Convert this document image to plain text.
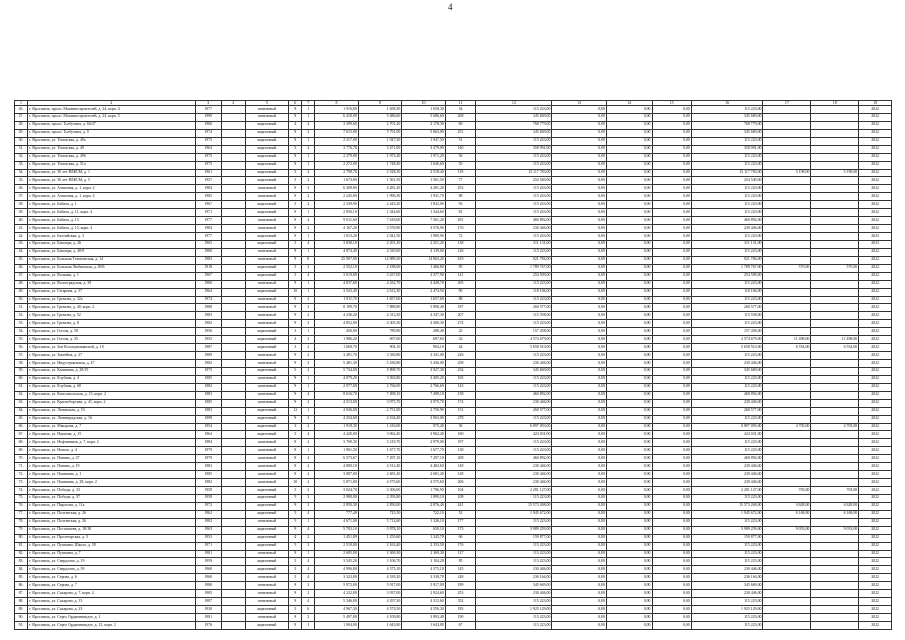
4
1	2	3	4	5	6	7	8	9	10	11	12	13	14	15	16	17	18	19
26.	г. Ярославль, просп. Машиностроителей, д. 24, корп. 4	1977		панельный	9	1	1 916,00	1 658,30	1 658,30	34	115 223,00	0,00	0,00	0,00	115 223,00			2022
27.	г. Ярославль, просп. Машиностроителей, д. 24, корп. 5	1990		панельный	9	1	6 418,00	5 686,60	5 686,60	208	345 669,00	0,00	0,00	0,00	345 669,00			2022
28.	г. Ярославль, просп. Толбухина, д. 66/47	1960		кирпичный	4	4	3 399,60	2 701,20	2 178,30	69	768 779,00	0,00	0,00	0,00	768 779,00			2022
29.	г. Ярославль, просп. Толбухина, д. 9	1974		кирпичный	9	3	7 015,80	5 791,00	5 663,00	251	345 669,00	0,00	0,00	0,00	345 669,00			2022
30.	г. Ярославль, ул. Титовская, д. 49а	1975		кирпичный	9	1	2 317,00	1 947,50	1 947,50	51	115 223,00	0,00	0,00	0,00	115 223,00			2022
31.	г. Ярославль, ул. Титовская, д. 49	1964		кирпичный	5	4	3 776,70	3 471,00	3 479,00	140	358 991,00	0,00	0,00	0,00	358 991,00			2022
32.	г. Ярославль, ул. Титовская, д. 49б	1975		кирпичный	9	1	2 279,80	1 973,20	1 971,20	56	115 223,00	0,00	0,00	0,00	115 223,00			2022
33.	г. Ярославль, ул. Титовская, д. 51а	1975		кирпичный	9	1	2 272,00	1 748,40	1 646,60	55	115 223,00	0,00	0,00	0,00	115 223,00			2022
34.	г. Ярославль, ул. 50 лет ВЛКСМ, д. 1	1961		кирпичный	5	4	2 798,70	2 528,30	2 518,40	119	13 117 783,00	0,00	0,00	0,00	13 117 783,00	5 198,00	5 198,00	2022
35.	г. Ярославль, ул. 50 лет ВЛКСМ, д. 5	1957		кирпичный	5	2	1 673,00	1 561,50	1 561,50	77	254 540,00	0,00	0,00	0,00	254 540,00			2022
36.	г. Ярославль, ул. Алмазная, д. 1, корп. 2	1984		панельный	9	3	6 308,80	4 281,20	4 281,20	253	115 223,00	0,00	0,00	0,00	115 223,00			2022
37.	г. Ярославль, ул. Алмазная, д. 1, корп. 4	1985		панельный	9	2	2 245,00	1 996,30	1 931,70	88	115 223,00	0,00	0,00	0,00	115 223,00			2022
38.	г. Ярославль, ул. Бабича, д. 1	1967		кирпичный	5	2	2 339,90	2 443,20	1 832,00	93	115 223,00	0,00	0,00	0,00	115 223,00			2022
39.	г. Ярославль, ул. Бабича, д. 11, корп. 4	1971		кирпичный	9	1	2 056,10	1 344,60	1 344,60	81	115 223,00	0,00	0,00	0,00	115 223,00			2022
40.	г. Ярославль, ул. Бабича, д. 13	1977		панельный	9	4	9 011,60	7 618,60	7 561,20	291	460 892,00	0,00	0,00	0,00	460 892,00			2022
41.	г. Ярославль, ул. Бабича, д. 15, корп. 4	1984		панельный	9	2	4 167,20	3 576,90	3 576,90	176	230 446,00	0,00	0,00	0,00	230 446,00			2022
42.	г. Ярославль, ул. Балтийская, д. 3	1977		кирпичный	9	1	1 813,20	2 041,50	1 989,90	72	115 223,00	0,00	0,00	0,00	115 223,00			2023
43.	г. Ярославль, ул. Блюхера, д. 26	1965		кирпичный	5	4	3 838,10	2 291,20	2 251,20	138	311 131,00	0,00	0,00	0,00	311 131,00			2023
44.	г. Ярославль, ул. Блюхера, д. 40/9	1980		панельный	9	1	4 874,40	4 329,00	4 139,00	126	115 223,00	0,00	0,00	0,00	115 223,00			2022
45.	г. Ярославль, ул. Большая Техническая, д. 14	1983		панельный	9	8	25 907,90	14 989,20	14 963,20	619	921 784,00	0,00	0,00	0,00	921 784,00			2022
46.	г. Ярославль, ул. Большая Любимская, д. 49/6	1918		кирпичный	5	3	2 552,10	2 188,60	1 466,80	85	1 789 767,00	0,00	0,00	0,00	1 789 767,00	570,00	570,00	2022
47.	г. Ярославль, ул. Вольная, д. 1	1967		кирпичный	5	4	3 619,00	3 437,00	3 377,90	141	254 509,00	0,00	0,00	0,00	254 509,00			2022
48.	г. Ярославль, ул. Волгоградская, д. 39	1980		панельный	9	1	4 837,60	4 432,70	4 428,70	205	115 223,00	0,00	0,00	0,00	115 223,00			2022
49.	г. Ярославль, ул. Гагарина, д. 57	1964		кирпичный	10	1	3 543,40	2 612,30	2 474,50	90	118 166,00	0,00	0,00	0,00	118 166,00			2022
50.	г. Ярославль, ул. Громова, д. 32а	1974		панельный	9	2	1 911,70	1 657,60	1 657,60	88	115 223,00	0,00	0,00	0,00	115 223,00			2022
51.	г. Ярославль, ул. Громова, д. 40, корп. 2	1988		панельный	9	3	8 199,70	7 888,80	5 898,40	187	260 577,00	0,00	0,00	0,00	260 577,00			2022
52.	г. Ярославль, ул. Громова, д. 52	1983		панельный	9	2	4 236,20	4 312,50	4 347,30	207	115 558,00	0,00	0,00	0,00	115 558,00			2022
53.	г. Ярославль, ул. Громова, д. 8	1982		панельный	9	3	4 852,00	4 305,30	4 300,30	274	115 223,00	0,00	0,00	0,00	115 223,00			2022
54.	г. Ярославль, ул. Гоголя, д. 58	1956		кирпичный	3	1	456,00	789,80	288,40	25	157 458,00	0,00	0,00	0,00	157 458,00			2022
55.	г. Ярославль, ул. Гоголя, д. 35	1955		кирпичный	4	3	1 986,20	697,60	697,60	32	4 574 679,00	0,00	0,00	0,00	4 574 679,00	11 498,00	11 498,00	2022
56.	г. Ярославль, ул. Зои Космодемьянской, д. 10	1987		кирпичный	3	2	1 668,70	904,10	904,10	44	5 658 510,00	0,00	0,00	0,00	5 658 510,00	6 554,00	6 554,00	2022
57.	г. Ярославль, ул. Закгейма, д. 27	1989		панельный	9	2	3 491,70	3 350,80	3 341,00	226	115 223,00	0,00	0,00	0,00	115 223,00			2022
58.	г. Ярославль, ул. Индустриальная, д. 47	1982		панельный	9	3	5 481,30	5 436,80	5 436,00	258	230 446,00	0,00	0,00	0,00	230 446,00			2022
59.	г. Ярославль, ул. Калинина, д. 28/19	1975		кирпичный	5	2	5 734,00	5 898,70	3 927,30	234	345 669,00	0,00	0,00	0,00	345 669,00			2022
60.	г. Ярославль, ул. Клубная, д. 4	1985		панельный	9	1	4 079,20	3 563,80	3 405,20	165	115 223,00	0,00	0,00	0,00	115 223,00			2022
61.	г. Ярославль, ул. Клубная, д. 68	1982		панельный	9	1	2 977,00	2 766,00	2 766,60	143	115 223,00	0,00	0,00	0,00	115 223,00			2022
62.	г. Ярославль, ул. Комсомольская, д. 15, корп. 2	1983		панельный	9	4	8 616,70	7 498,10	7 498,10	158	460 892,00	0,00	0,00	0,00	460 892,00			2022
63.	г. Ярославль, ул. Красноборская, д. 41, корп. 2	1985		панельный	9	2	4 513,00	3 975,70	3 975,70	174	230 446,00	0,00	0,00	0,00	230 446,00			2022
64.	г. Ярославль, ул. Ленинская, д. 53	1983		кирпичный	12	1	4 926,00	2 751,00	2 750,90	151	260 577,00	0,00	0,00	0,00	260 577,00			2022
65.	г. Ярославль, ул. Ленинградская, д. 16	1998		кирпичный	9	3	4 254,60	4 164,40	3 963,00	278	115 223,00	0,00	0,00	0,00	115 223,00			2022
66.	г. Ярославль, ул. Макарова, д. 7	1954		кирпичный	3	2	1 918,30	1 416,00	975,40	36	6 897 093,00	0,00	0,00	0,00	6 897 093,00	4 705,00	4 705,00	2022
67.	г. Ярославль, ул. Наумова, д. 15	1964		кирпичный	5	4	4 420,00	3 962,40	3 962,40	160	424 031,00	0,00	0,00	0,00	424 031,00			2022
68.	г. Ярославль, ул. Нефтяников, д. 7, корп. 2	1984		панельный	9	2	3 769,30	3 219,70	2 979,00	197	115 223,00	0,00	0,00	0,00	115 223,00			2022
69.	г. Ярославль, ул. Нового, д. 4	1979		панельный	9	1	1 961,50	1 677,70	1 677,70	138	115 223,00	0,00	0,00	0,00	115 223,00			2022
70.	г. Ярославль, ул. Панина, д. 27	1979		панельный	9	4	6 573,67	7 297,10	7 297,10	208	460 892,00	0,00	0,00	0,00	460 892,00			2022
71.	г. Ярославль, ул. Панина, д. 19	1983		панельный	9	2	4 880,10	4 512,40	4 482,60	149	230 446,00	0,00	0,00	0,00	230 446,00			2022
72.	г. Ярославль, ул. Папанина, д. 1	1985		панельный	9	2	3 087,00	2 681,40	2 681,40	128	230 446,00	0,00	0,00	0,00	230 446,00			2022
73.	г. Ярославль, ул. Папанина, д. 28, корп. 2	1982		панельный	10	2	5 871,00	4 575,60	4 575,60	206	230 446,00	0,00	0,00	0,00	230 446,00			2022
74.	г. Ярославль, ул. Победы, д. 33	1959		кирпичный	5	3	3 024,70	3 306,00	1 796,90	104	2 281 127,00	0,00	0,00	0,00	2 281 127,00	703,00	703,00	2022
75.	г. Ярославль, ул. Победы, д. 37	1958		кирпичный	5	3	2 980,00	2 393,80	1 899,10	108	115 223,00	0,00	0,00	0,00	115 223,00			2022
76.	г. Ярославль, ул. Пирогова, д. 11а	1972		кирпичный	9	3	2 850,30	2 850,00	2 876,40	241	15 573 268,00	0,00	0,00	0,00	15 573 268,00	4 628,00	4 628,00	2022
77.	г. Ярославль, ул. Полтавская, д. 26	1962		кирпичный	5	4	777,40	725,50	722,10	52	1 945 672,00	0,00	0,00	0,00	1 945 672,00	6 168,00	6 168,00	2022
78.	г. Ярославль, ул. Полтавская, д. 26	1982		панельный	5	1	4 671,00	5 712,60	1 326,10	177	115 223,00	0,00	0,00	0,00	115 223,00			2022
79.	г. Ярославль, ул. Постышева, д. 10/18	1963		кирпичный	9	4	5 703,10	3 978,10	650,10	173	3 989 259,00	0,00	0,00	0,00	3 989 259,00	9 053,00	9 053,00	2022
80.	г. Ярославль, ул. Пролетарская, д. 3	1953		кирпичный	4	2	1 451,89	1 255,60	1 245,70	66	159 877,00	0,00	0,00	0,00	159 877,00			2022
81.	г. Ярославль, ул. Пушкина, Школа, д. 58	1971		кирпичный	5	3	2 510,00	2 163,40	2 153,50	176	115 223,00	0,00	0,00	0,00	115 223,00			2022
82.	г. Ярославль, ул. Пушкина, д. 7	1981		панельный	9	1	2 685,00	2 369,30	2 369,30	127	115 223,00	0,00	0,00	0,00	115 223,00			2022
83.	г. Ярославль, ул. Свердлова, д. 19	1959		кирпичный	5	4	3 545,20	3 106,70	3 104,20	85	115 223,00	0,00	0,00	0,00	115 223,00			2022
84.	г. Ярославль, ул. Свердлова, д. 39	1960		кирпичный	5	4	4 996,80	4 375,10	4 375,10	145	230 446,00	0,00	0,00	0,00	230 446,00			2022
85.	г. Ярославль, ул. Серова, д. 6	1960		панельный	5	4	3 323,00	4 339,20	3 338,70	248	236 164,00	0,00	0,00	0,00	236 164,00			2022
86.	г. Ярославль, ул. Серова, д. 7	1980		панельный	9	3	5 972,00	5 917,00	5 917,00	189	345 669,00	0,00	0,00	0,00	345 669,00			2022
87.	г. Ярославль, ул. Сахарова, д. 7, корп. 2	1985		панельный	9	2	4 232,00	3 937,00	2 924,60	253	230 446,00	0,00	0,00	0,00	230 446,00			2022
88.	г. Ярославль, ул. Сахарова, д. 15	1987		панельный	9	4	5 346,00	4 297,30	4 312,60	352	115 223,00	0,00	0,00	0,00	115 223,00			2022
89.	г. Ярославль, ул. Сахарова, д. 23	1930		кирпичный	5	6	4 967,30	4 573,50	4 550,30	183	1 925 129,00	0,00	0,00	0,00	1 925 129,00			2022
90.	г. Ярославль, ул. Серго Орджоникидзе, д. 1	1981		панельный	9	2	5 497,00	4 109,80	3 893,40	190	115 223,00	0,00	0,00	0,00	115 223,00			2022
91.	г. Ярославль, ул. Серго Орджоникидзе, д. 12, корп. 2	1976		кирпичный	9	1	1 904,00	1 643,80	1 643,80	67	115 223,00	0,00	0,00	0,00	115 223,00			2022
